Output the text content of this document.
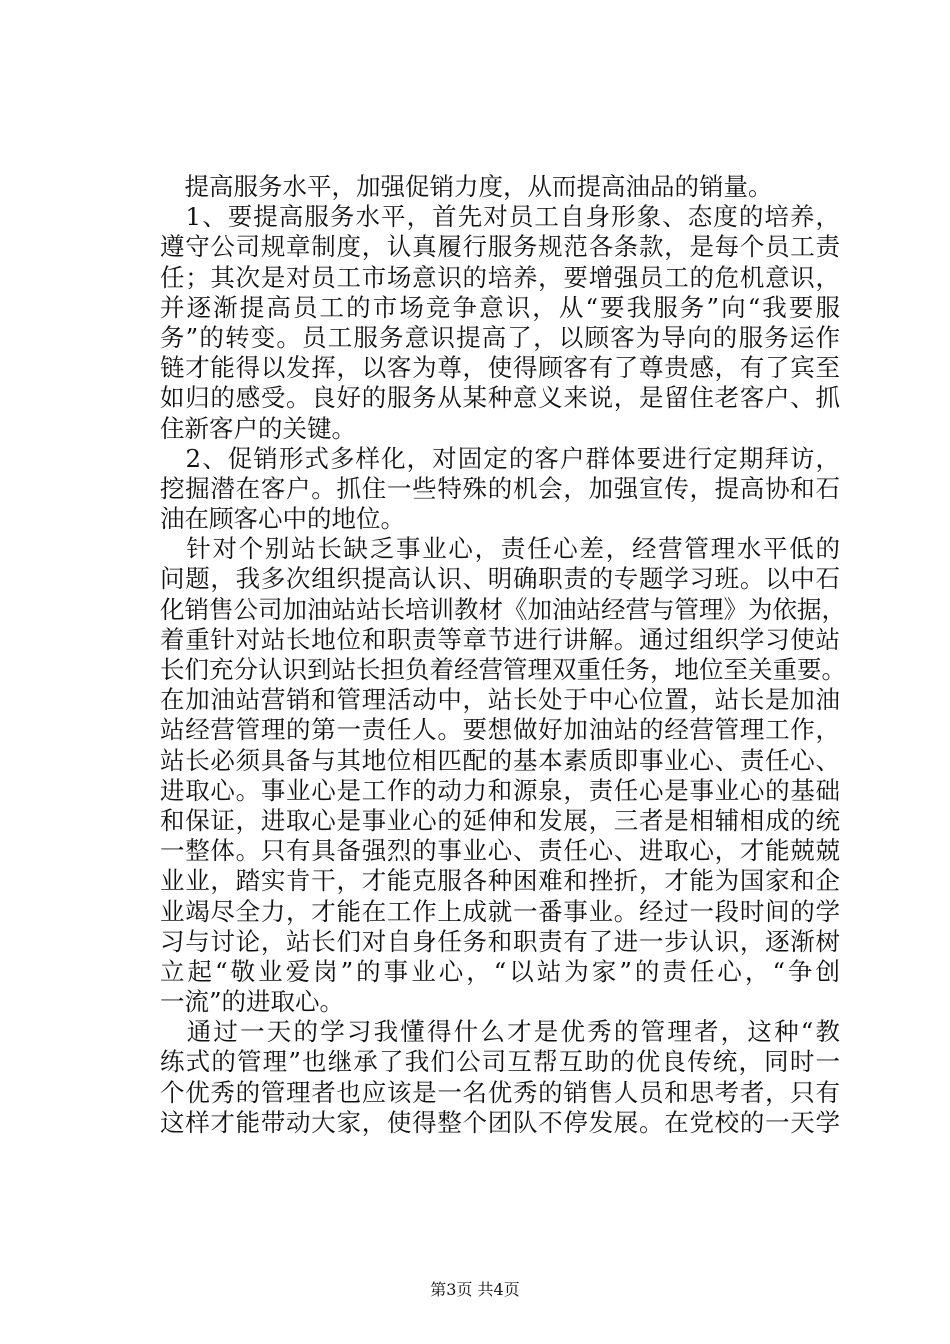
　提高服务水平，加强促销力度，从而提高油品的销量。
　1、要提高服务水平，首先对员工自身形象、态度的培养，
遵守公司规章制度，认真履行服务规范各条款，是每个员工责
任；其次是对员工市场意识的培养，要增强员工的危机意识，
并逐渐提高员工的市场竞争意识，从“要我服务”向“我要服
务”的转变。员工服务意识提高了，以顾客为导向的服务运作
链才能得以发挥，以客为尊，使得顾客有了尊贵感，有了宾至
如归的感受。良好的服务从某种意义来说，是留住老客户、抓
住新客户的关键。
　2、促销形式多样化，对固定的客户群体要进行定期拜访，
挖掘潜在客户。抓住一些特殊的机会，加强宣传，提高协和石
油在顾客心中的地位。
　针对个别站长缺乏事业心，责任心差，经营管理水平低的
问题，我多次组织提高认识、明确职责的专题学习班。以中石
化销售公司加油站站长培训教材《加油站经营与管理》为依据，
着重针对站长地位和职责等章节进行讲解。通过组织学习使站
长们充分认识到站长担负着经营管理双重任务，地位至关重要。
在加油站营销和管理活动中，站长处于中心位置，站长是加油
站经营管理的第一责任人。要想做好加油站的经营管理工作，
站长必须具备与其地位相匹配的基本素质即事业心、责任心、
进取心。事业心是工作的动力和源泉，责任心是事业心的基础
和保证，进取心是事业心的延伸和发展，三者是相辅相成的统
一整体。只有具备强烈的事业心、责任心、进取心，才能兢兢
业业，踏实肯干，才能克服各种困难和挫折，才能为国家和企
业竭尽全力，才能在工作上成就一番事业。经过一段时间的学
习与讨论，站长们对自身任务和职责有了进一步认识，逐渐树
立起“敬业爱岗”的事业心，“以站为家”的责任心，“争创
一流”的进取心。
　通过一天的学习我懂得什么才是优秀的管理者，这种“教
练式的管理”也继承了我们公司互帮互助的优良传统，同时一
个优秀的管理者也应该是一名优秀的销售人员和思考者，只有
这样才能带动大家，使得整个团队不停发展。在党校的一天学
第3页 共4页
